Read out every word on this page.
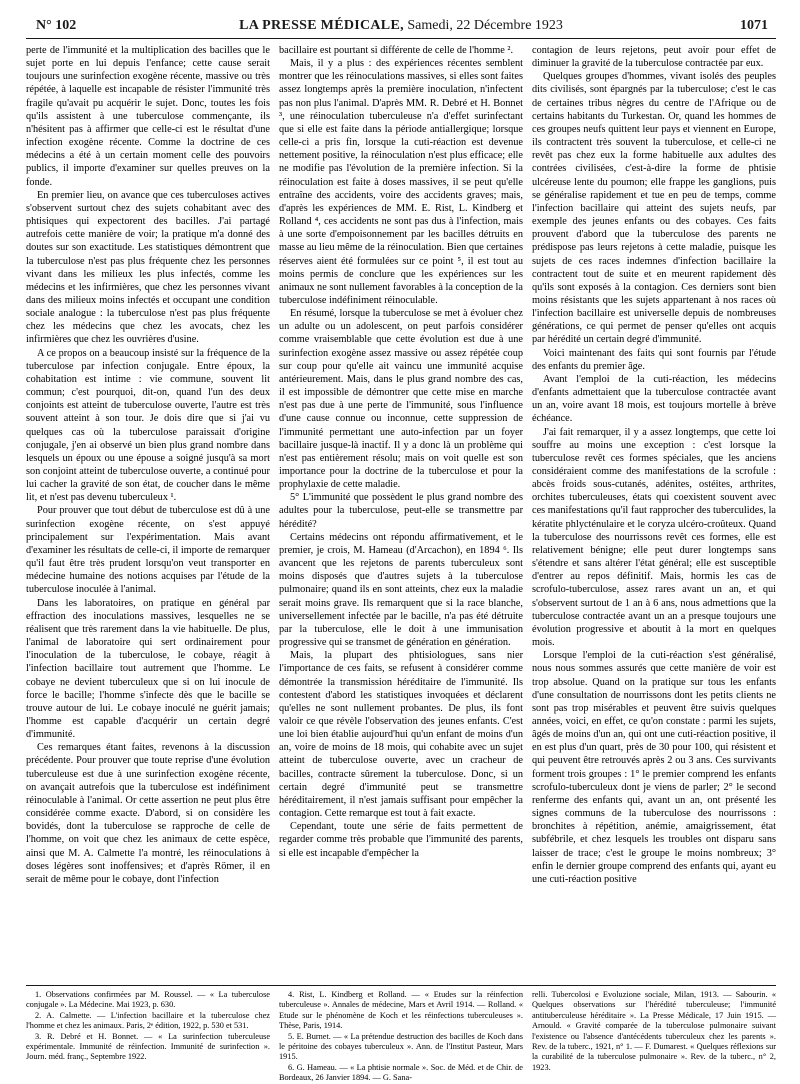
N° 102	LA PRESSE MÉDICALE, Samedi, 22 Décembre 1923	1071

perte de l'immunité et la multiplication des bacilles que le sujet porte en lui depuis l'enfance; cette cause serait toujours une surinfection exogène récente, massive ou très répétée, à laquelle est incapable de résister l'immunité très fragile qu'avait pu acquérir le sujet. Donc, toutes les fois qu'ils assistent à une tuberculose commençante, ils n'hésitent pas à affirmer que celle-ci est le résultat d'une infection exogène récente. Comme la doctrine de ces médecins a été à un certain moment celle des pouvoirs publics, il importe d'examiner sur quelles preuves on la fonde.

En premier lieu, on avance que ces tuberculoses actives s'observent surtout chez des sujets cohabitant avec des phtisiques qui expectorent des bacilles. J'ai partagé autrefois cette manière de voir; la pratique m'a donné des doutes sur son exactitude. Les statistiques démontrent que la tuberculose n'est pas plus fréquente chez les personnes vivant dans les milieux les plus infectés, comme les médecins et les infirmières, que chez les personnes vivant dans des milieux moins infectés et occupant une condition sociale analogue : la tuberculose n'est pas plus fréquente chez les médecins que chez les avocats, chez les infirmières que chez les ouvrières d'usine.

A ce propos on a beaucoup insisté sur la fréquence de la tuberculose par infection conjugale. Entre époux, la cohabitation est intime : vie commune, souvent lit commun; c'est pourquoi, dit-on, quand l'un des deux conjoints est atteint de tuberculose ouverte, l'autre est très souvent atteint à son tour. Je dois dire que si j'ai vu quelques cas où la tuberculose paraissait d'origine conjugale, j'en ai observé un bien plus grand nombre dans lesquels un époux ou une épouse a soigné jusqu'à sa mort son conjoint atteint de tuberculose ouverte, a continué pour lui cacher la gravité de son état, de coucher dans le même lit, et n'est pas devenu tuberculeux ¹.

Pour prouver que tout début de tuberculose est dû à une surinfection exogène récente, on s'est appuyé principalement sur l'expérimentation. Mais avant d'examiner les résultats de celle-ci, il importe de remarquer qu'il faut être très prudent lorsqu'on veut transporter en médecine humaine des notions acquises par l'étude de la tuberculose inoculée à l'animal.

Dans les laboratoires, on pratique en général par effraction des inoculations massives, lesquelles ne se réalisent que très rarement dans la vie habituelle. De plus, l'animal de laboratoire qui sert ordinairement pour l'inoculation de la tuberculose, le cobaye, réagit à l'infection bacillaire tout autrement que l'homme. Le cobaye ne devient tuberculeux que si on lui inocule de force le bacille; l'homme s'infecte dès que le bacille se trouve autour de lui. Le cobaye inoculé ne guérit jamais; l'homme est capable d'acquérir un certain degré d'immunité.

Ces remarques étant faites, revenons à la discussion précédente. Pour prouver que toute reprise d'une évolution tuberculeuse est due à une surinfection exogène récente, on avançait autrefois que la tuberculose est indéfiniment réinoculable à l'animal. Or cette assertion ne peut plus être considérée comme exacte. D'abord, si on considère les bovidés, dont la tuberculose se rapproche de celle de l'homme, on voit que chez les animaux de cette espèce, ainsi que M. A. Calmette l'a montré, les réinoculations à doses légères sont inoffensives; et d'après Römer, il en serait de même pour le cobaye, dont l'infection

bacillaire est pourtant si différente de celle de l'homme ².

Mais, il y a plus : des expériences récentes semblent montrer que les réinoculations massives, si elles sont faites assez longtemps après la première inoculation, n'infectent pas non plus l'animal. D'après MM. R. Debré et H. Bonnet ³, une réinoculation tuberculeuse n'a d'effet surinfectant que si elle est faite dans la période antiallergique; lorsque celle-ci a pris fin, lorsque la cuti-réaction est devenue nettement positive, la réinoculation n'est plus efficace; elle ne modifie pas l'évolution de la première infection. Si la réinoculation est faite à doses massives, il se peut qu'elle entraîne des accidents, voire des accidents graves; mais, d'après les expériences de MM. E. Rist, L. Kindberg et Rolland ⁴, ces accidents ne sont pas dus à l'infection, mais à une sorte d'empoisonnement par les bacilles détruits en masse au lieu même de la réinoculation. Bien que certaines réserves aient été formulées sur ce point ⁵, il est tout au moins permis de conclure que les expériences sur les animaux ne sont nullement favorables à la conception de la tuberculose indéfiniment réinoculable.

En résumé, lorsque la tuberculose se met à évoluer chez un adulte ou un adolescent, on peut parfois considérer comme vraisemblable que cette évolution est due à une surinfection exogène assez massive ou assez répétée coup sur coup pour qu'elle ait vaincu une immunité acquise antérieurement. Mais, dans le plus grand nombre des cas, il est impossible de démontrer que cette mise en marche n'est pas due à une perte de l'immunité, sous l'influence d'une cause connue ou inconnue, cette suppression de l'immunité permettant une auto-infection par un foyer bacillaire jusque-là inactif. Il y a donc là un problème qui n'est pas entièrement résolu; mais on voit quelle est son importance pour la doctrine de la tuberculose et pour la prophylaxie de cette maladie.

5° L'immunité que possèdent le plus grand nombre des adultes pour la tuberculose, peut-elle se transmettre par hérédité?

Certains médecins ont répondu affirmativement, et le premier, je crois, M. Hameau (d'Arcachon), en 1894 ⁶. Ils avancent que les rejetons de parents tuberculeux sont moins disposés que d'autres sujets à la tuberculose pulmonaire; quand ils en sont atteints, chez eux la maladie serait moins grave. Ils remarquent que si la race blanche, universellement infectée par le bacille, n'a pas été détruite par la tuberculose, elle le doit à une immunisation progressive qui se transmet de génération en génération.

Mais, la plupart des phtisiologues, sans nier l'importance de ces faits, se refusent à considérer comme démontrée la transmission héréditaire de l'immunité. Ils contestent d'abord les statistiques invoquées et déclarent qu'elles ne sont nullement probantes. De plus, ils font valoir ce que révèle l'observation des jeunes enfants. C'est une loi bien établie aujourd'hui qu'un enfant de moins d'un an, voire de moins de 18 mois, qui cohabite avec un sujet atteint de tuberculose ouverte, avec un cracheur de bacilles, contracte sûrement la tuberculose. Donc, si un certain degré d'immunité peut se transmettre héréditairement, il n'est jamais suffisant pour empêcher la contagion. Cette remarque est tout à fait exacte.

Cependant, toute une série de faits permettent de regarder comme très probable que l'immunité des parents, si elle est incapable d'empêcher la

contagion de leurs rejetons, peut avoir pour effet de diminuer la gravité de la tuberculose contractée par eux.

Quelques groupes d'hommes, vivant isolés des peuples dits civilisés, sont épargnés par la tuberculose; c'est le cas de certaines tribus nègres du centre de l'Afrique ou de certains habitants du Turkestan. Or, quand les hommes de ces groupes neufs quittent leur pays et viennent en Europe, ils contractent très souvent la tuberculose, et celle-ci ne revêt pas chez eux la forme habituelle aux adultes des contrées civilisées, c'est-à-dire la forme de phtisie ulcéreuse lente du poumon; elle frappe les ganglions, puis se généralise rapidement et tue en peu de temps, comme l'infection bacillaire qui atteint des sujets neufs, par exemple des jeunes enfants ou des cobayes. Ces faits prouvent d'abord que la tuberculose des parents ne prédispose pas leurs rejetons à cette maladie, puisque les sujets de ces races indemnes d'infection bacillaire la contractent tout de suite et en meurent rapidement dès qu'ils sont exposés à la contagion. Ces derniers sont bien moins résistants que les sujets appartenant à nos races où l'infection bacillaire est universelle depuis de nombreuses générations, ce qui permet de penser qu'elles ont acquis par hérédité un certain degré d'immunité.

Voici maintenant des faits qui sont fournis par l'étude des enfants du premier âge.

Avant l'emploi de la cuti-réaction, les médecins d'enfants admettaient que la tuberculose contractée avant un an, voire avant 18 mois, est toujours mortelle à brève échéance.

J'ai fait remarquer, il y a assez longtemps, que cette loi souffre au moins une exception : c'est lorsque la tuberculose revêt ces formes spéciales, que les anciens considéraient comme des manifestations de la scrofule : abcès froids sous-cutanés, adénites, ostéites, arthrites, orchites tuberculeuses, états qui coexistent souvent avec ces manifestations qu'il faut rapprocher des tuberculides, la kératite phlycténulaire et le coryza ulcéro-croûteux. Quand la tuberculose des nourrissons revêt ces formes, elle est relativement bénigne; elle peut durer longtemps sans s'étendre et sans altérer l'état général; elle est susceptible d'entrer au repos définitif. Mais, hormis les cas de scrofulo-tuberculose, assez rares avant un an, et qui s'observent surtout de 1 an à 6 ans, nous admettions que la tuberculose contractée avant un an a presque toujours une évolution progressive et aboutit à la mort en quelques mois.

Lorsque l'emploi de la cuti-réaction s'est généralisé, nous nous sommes assurés que cette manière de voir est trop absolue. Quand on la pratique sur tous les enfants d'une consultation de nourrissons dont les petits clients ne sont pas trop misérables et peuvent être suivis quelques années, voici, en effet, ce qu'on constate : parmi les sujets, âgés de moins d'un an, qui ont une cuti-réaction positive, il en est plus d'un quart, près de 30 pour 100, qui résistent et qui peuvent être retrouvés après 2 ou 3 ans. Ces survivants forment trois groupes : 1° le premier comprend les enfants scrofulo-tuberculeux dont je viens de parler; 2° le second renferme des enfants qui, avant un an, ont présenté les signes communs de la tuberculose des nourrissons : bronchites à répétition, anémie, amaigrissement, état subfébrile, et chez lesquels les troubles ont disparu sans laisser de trace; c'est le groupe le moins nombreux; 3° enfin le dernier groupe comprend des enfants qui, ayant eu une cuti-réaction positive

1. Observations confirmées par M. Roussel. — « La tuberculose conjugale ». La Médecine. Mai 1923, p. 630.

2. A. Calmette. — L'infection bacillaire et la tuberculose chez l'homme et chez les animaux. Paris, 2ᵉ édition, 1922, p. 530 et 531.

3. R. Debré et H. Bonnet. — « La surinfection tuberculeuse expérimentale. Immunité de réinfection. Immunité de surinfection ». Journ. méd. franç., Septembre 1922.

4. Rist, L. Kindberg et Rolland. — « Etudes sur la réinfection tuberculeuse ». Annales de médecine, Mars et Avril 1914. — Rolland. « Etude sur le phénomène de Koch et les réinfections tuberculeuses ». Thèse, Paris, 1914.

5. E. Burnet. — « La prétendue destruction des bacilles de Koch dans le péritoine des cobayes tuberculeux ». Ann. de l'Institut Pasteur, Mars 1915.

6. G. Hameau. — « La phtisie normale ». Soc. de Méd. et de Chir. de Bordeaux, 26 Janvier 1894. — G. Sana-

relli. Tubercolosi e Evoluzione sociale, Milan, 1913. — Sabourin. « Quelques observations sur l'hérédité tuberculeuse; l'immunité antituberculeuse héréditaire ». La Presse Médicale, 17 Juin 1915. — Arnould. « Gravité comparée de la tuberculose pulmonaire suivant l'existence ou l'absence d'antécédents tuberculeux chez les parents ». Rev. de la tuberc., 1921, n° 1. — F. Dumarest. « Quelques réflexions sur la curabilité de la tuberculose pulmonaire ». Rev. de la tuberc., n° 2, 1923.
